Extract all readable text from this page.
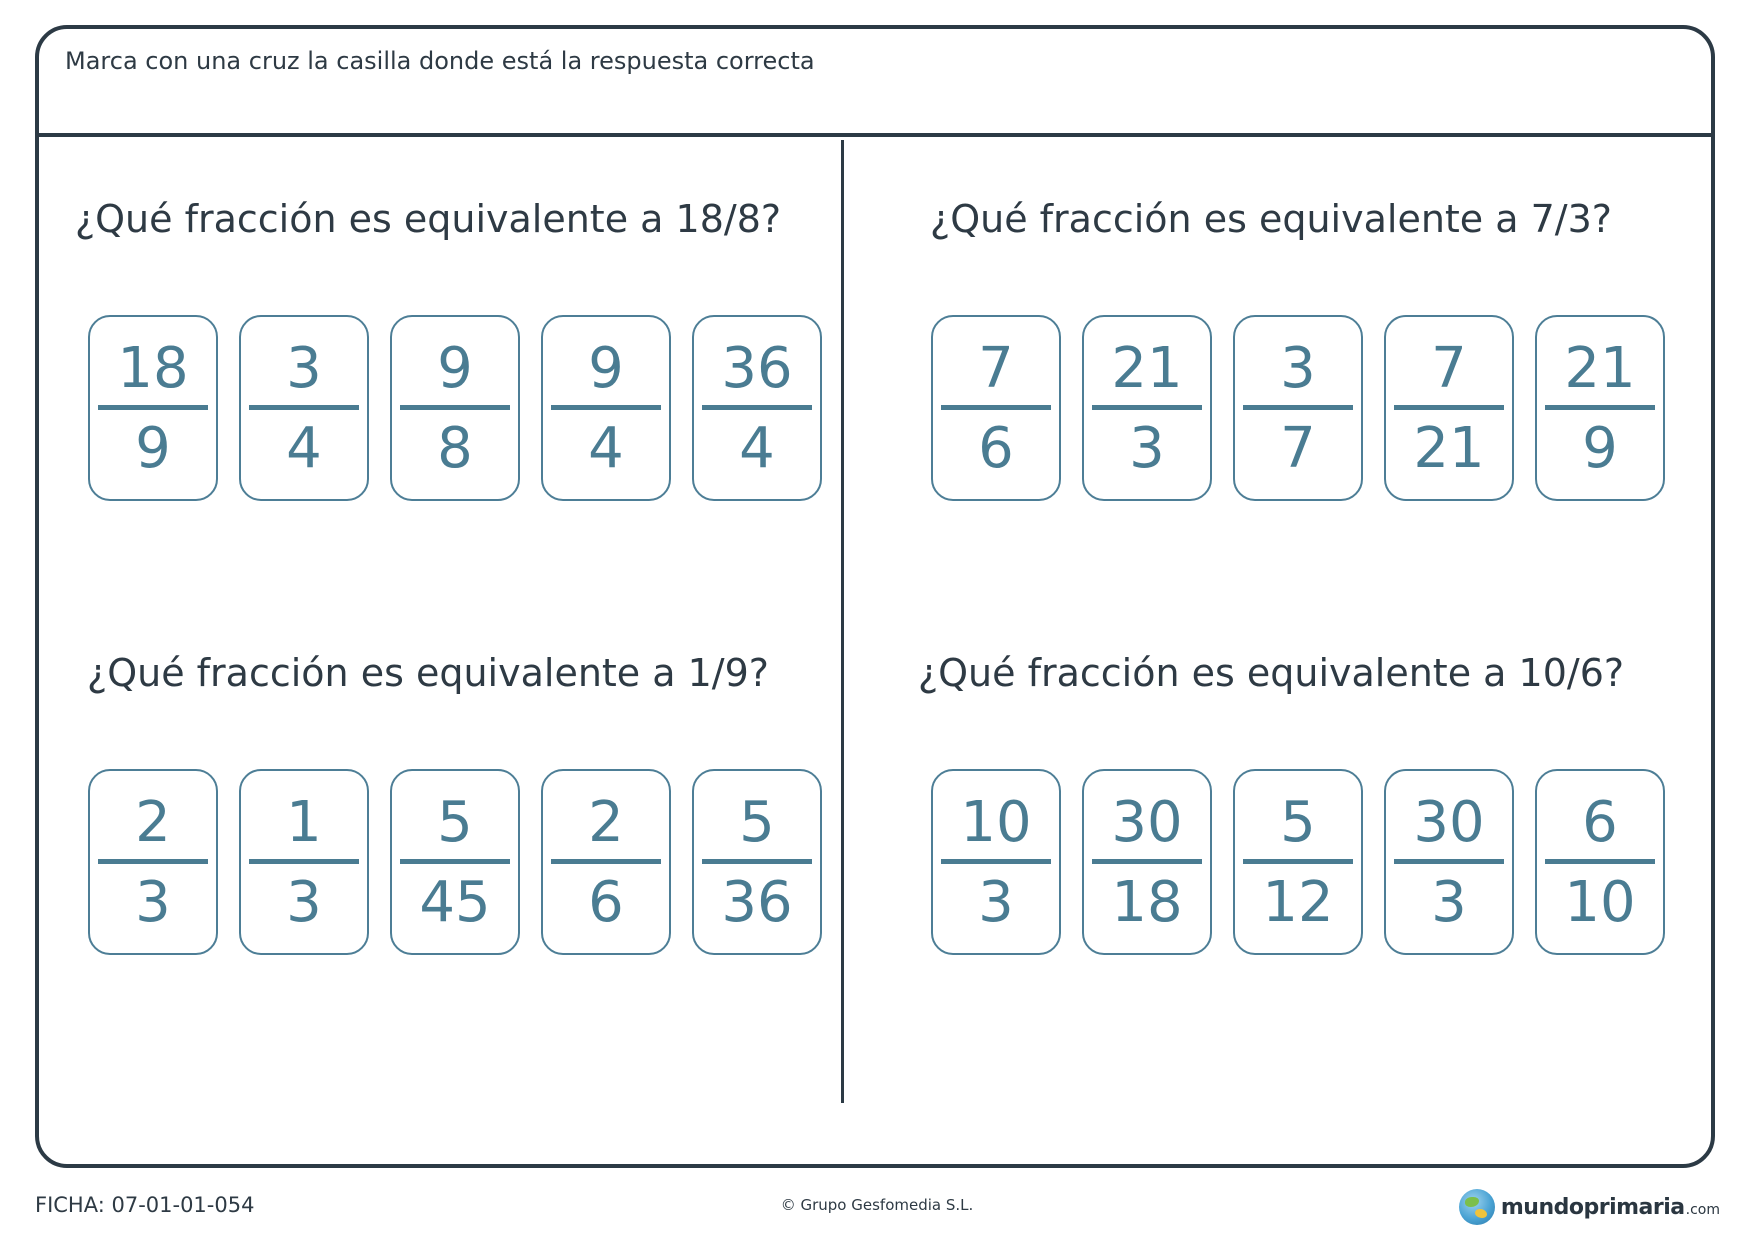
Marca con una cruz la casilla donde está la respuesta correcta
¿Qué fracción es equivalente a 18/8?
18
9
3
4
9
8
9
4
36
4
¿Qué fracción es equivalente a 7/3?
7
6
21
3
3
7
7
21
21
9
¿Qué fracción es equivalente a 1/9?
2
3
1
3
5
45
2
6
5
36
¿Qué fracción es equivalente a 10/6?
10
3
30
18
5
12
30
3
6
10
FICHA: 07-01-01-054	© Grupo Gesfomedia S.L.	mundoprimaria .com
